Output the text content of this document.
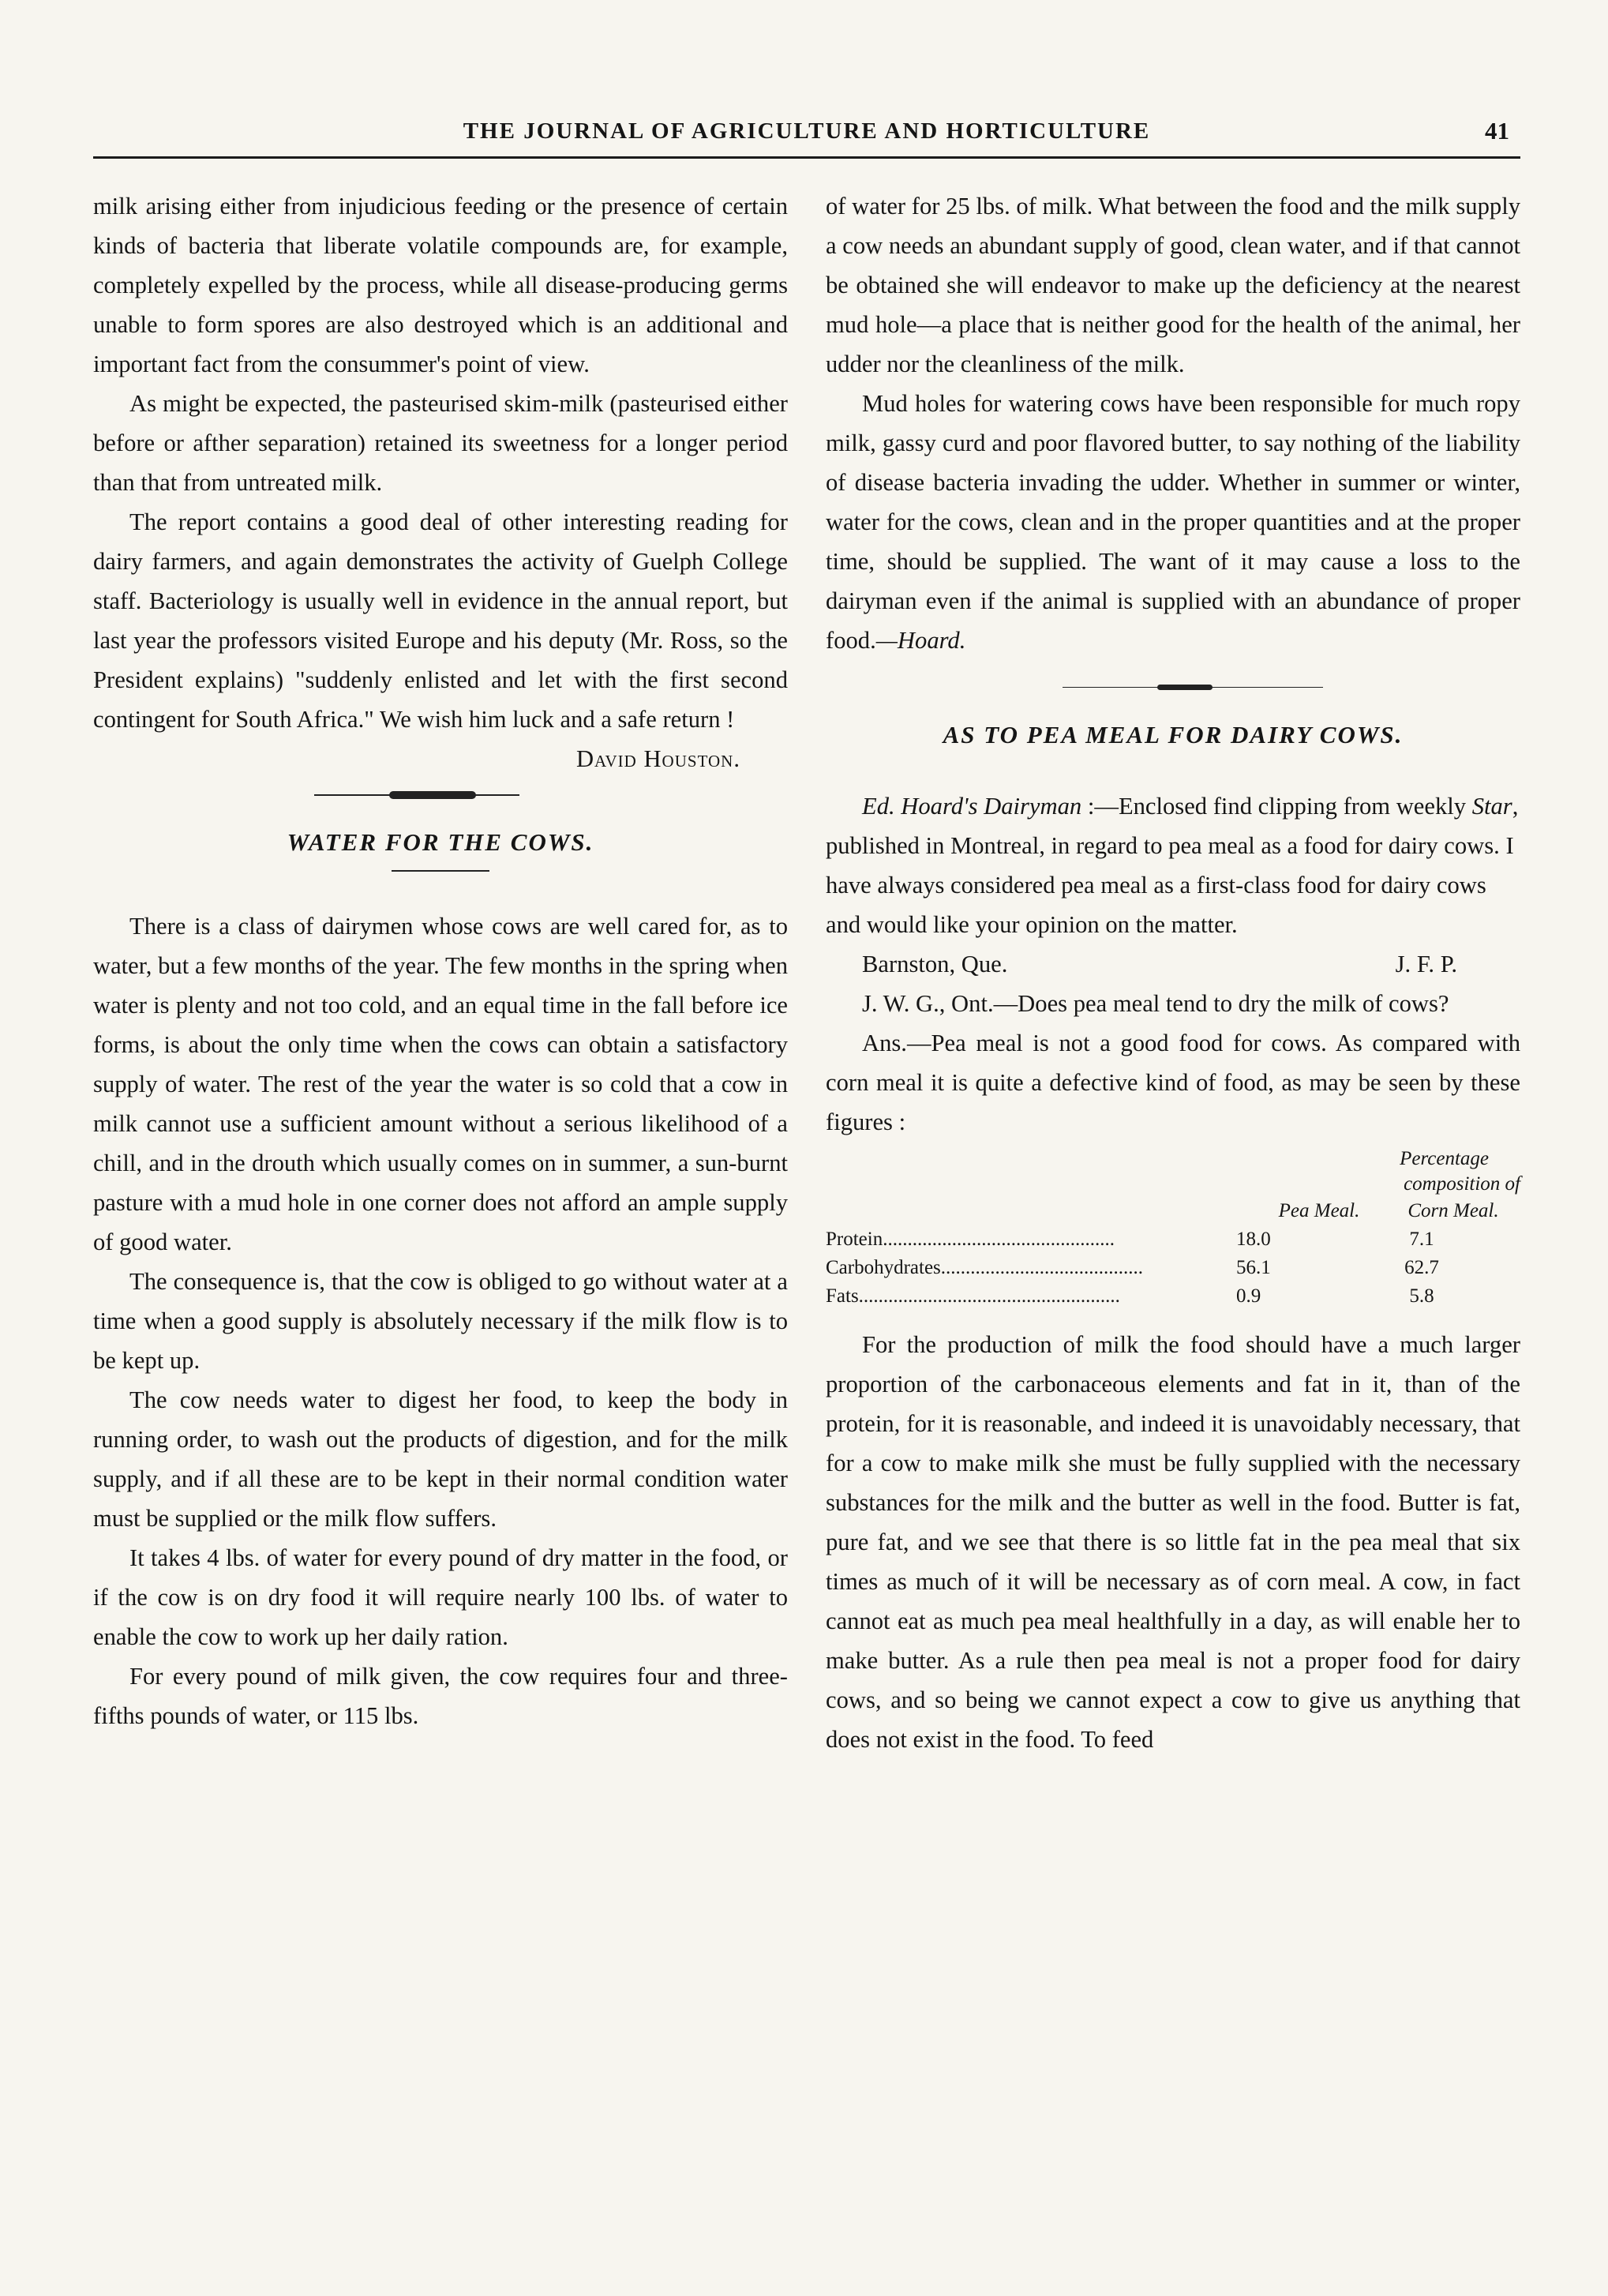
THE JOURNAL OF AGRICULTURE AND HORTICULTURE	41

milk arising either from injudicious feeding or the presence of certain kinds of bacteria that liberate volatile compounds are, for example, completely expelled by the process, while all disease-producing germs unable to form spores are also destroyed which is an additional and important fact from the consummer's point of view.

As might be expected, the pasteurised skim-milk (pasteurised either before or afther separation) retained its sweetness for a longer period than that from untreated milk.

The report contains a good deal of other interesting reading for dairy farmers, and again demonstrates the activity of Guelph College staff. Bacteriology is usually well in evidence in the annual report, but last year the professors visited Europe and his deputy (Mr. Ross, so the President explains) "suddenly enlisted and let with the first second contingent for South Africa." We wish him luck and a safe return !

David Houston.
WATER FOR THE COWS.

There is a class of dairymen whose cows are well cared for, as to water, but a few months of the year. The few months in the spring when water is plenty and not too cold, and an equal time in the fall before ice forms, is about the only time when the cows can obtain a satisfactory supply of water. The rest of the year the water is so cold that a cow in milk cannot use a sufficient amount without a serious likelihood of a chill, and in the drouth which usually comes on in summer, a sun-burnt pasture with a mud hole in one corner does not afford an ample supply of good water.

The consequence is, that the cow is obliged to go without water at a time when a good supply is absolutely necessary if the milk flow is to be kept up.

The cow needs water to digest her food, to keep the body in running order, to wash out the products of digestion, and for the milk supply, and if all these are to be kept in their normal condition water must be supplied or the milk flow suffers.

It takes 4 lbs. of water for every pound of dry matter in the food, or if the cow is on dry food it will require nearly 100 lbs. of water to enable the cow to work up her daily ration.

For every pound of milk given, the cow requires four and three-fifths pounds of water, or 115 lbs.

of water for 25 lbs. of milk. What between the food and the milk supply a cow needs an abundant supply of good, clean water, and if that cannot be obtained she will endeavor to make up the deficiency at the nearest mud hole—a place that is neither good for the health of the animal, her udder nor the cleanliness of the milk.

Mud holes for watering cows have been responsible for much ropy milk, gassy curd and poor flavored butter, to say nothing of the liability of disease bacteria invading the udder. Whether in summer or winter, water for the cows, clean and in the proper quantities and at the proper time, should be supplied. The want of it may cause a loss to the dairyman even if the animal is supplied with an abundance of proper food.—Hoard.

AS TO PEA MEAL FOR DAIRY COWS.

Ed. Hoard's Dairyman :—Enclosed find clipping from weekly Star, published in Montreal, in regard to pea meal as a food for dairy cows. I have always considered pea meal as a first-class food for dairy cows and would like your opinion on the matter.

Barnston, Que.	J. F. P.

J. W. G., Ont.—Does pea meal tend to dry the milk of cows?

Ans.—Pea meal is not a good food for cows. As compared with corn meal it is quite a defective kind of food, as may be seen by these figures :

Percentage
composition of
Pea Meal.	Corn Meal.
Protein...............................................	18.0	7.1
Carbohydrates.........................................	56.1	62.7
Fats.....................................................	0.9	5.8

For the production of milk the food should have a much larger proportion of the carbonaceous elements and fat in it, than of the protein, for it is reasonable, and indeed it is unavoidably necessary, that for a cow to make milk she must be fully supplied with the necessary substances for the milk and the butter as well in the food. Butter is fat, pure fat, and we see that there is so little fat in the pea meal that six times as much of it will be necessary as of corn meal. A cow, in fact cannot eat as much pea meal healthfully in a day, as will enable her to make butter. As a rule then pea meal is not a proper food for dairy cows, and so being we cannot expect a cow to give us anything that does not exist in the food. To feed
